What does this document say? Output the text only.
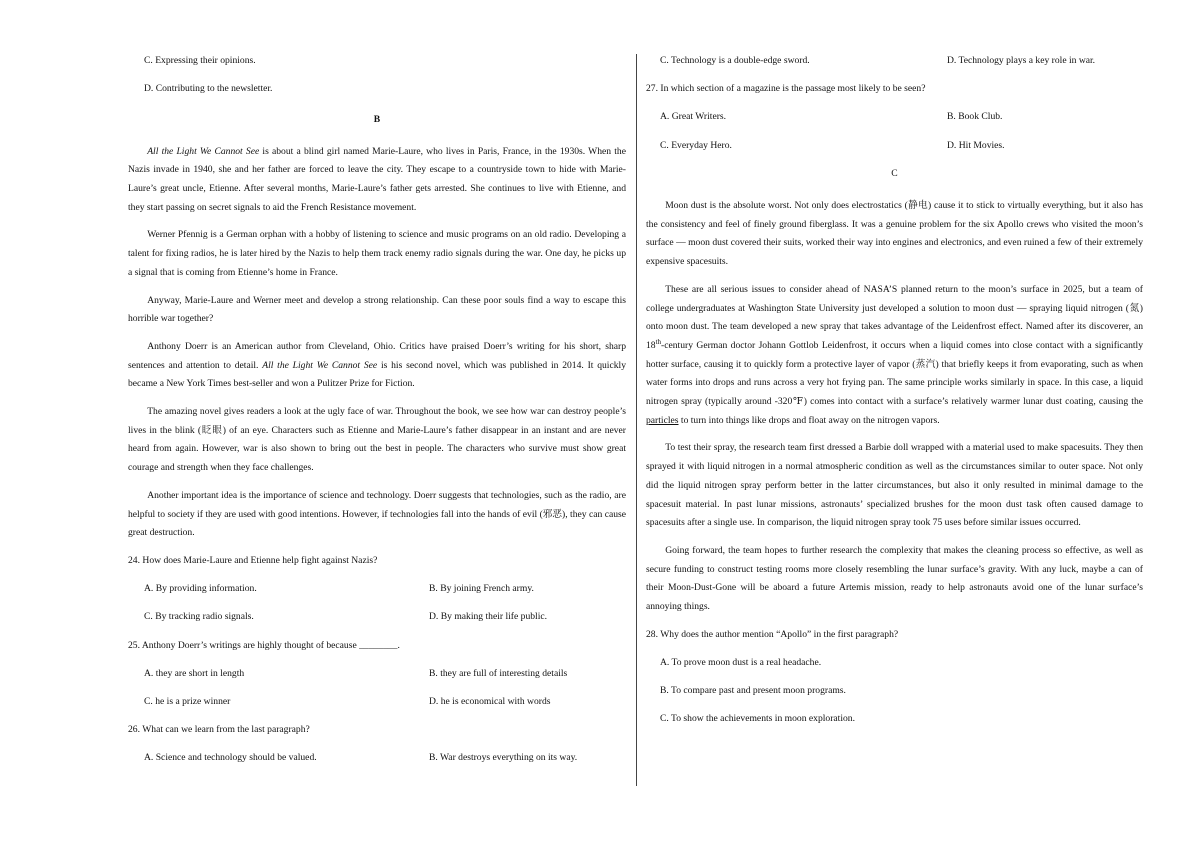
C. Expressing their opinions.
D. Contributing to the newsletter.
B
All the Light We Cannot See is about a blind girl named Marie-Laure, who lives in Paris, France, in the 1930s. When the Nazis invade in 1940, she and her father are forced to leave the city. They escape to a countryside town to hide with Marie-Laure’s great uncle, Etienne. After several months, Marie-Laure’s father gets arrested. She continues to live with Etienne, and they start passing on secret signals to aid the French Resistance movement.
Werner Pfennig is a German orphan with a hobby of listening to science and music programs on an old radio. Developing a talent for fixing radios, he is later hired by the Nazis to help them track enemy radio signals during the war. One day, he picks up a signal that is coming from Etienne’s home in France.
Anyway, Marie-Laure and Werner meet and develop a strong relationship. Can these poor souls find a way to escape this horrible war together?
Anthony Doerr is an American author from Cleveland, Ohio. Critics have praised Doerr’s writing for his short, sharp sentences and attention to detail. All the Light We Cannot See is his second novel, which was published in 2014. It quickly became a New York Times best-seller and won a Pulitzer Prize for Fiction.
The amazing novel gives readers a look at the ugly face of war. Throughout the book, we see how war can destroy people’s lives in the blink (眨眼) of an eye. Characters such as Etienne and Marie-Laure’s father disappear in an instant and are never heard from again. However, war is also shown to bring out the best in people. The characters who survive must show great courage and strength when they face challenges.
Another important idea is the importance of science and technology. Doerr suggests that technologies, such as the radio, are helpful to society if they are used with good intentions. However, if technologies fall into the hands of evil (邪恶), they can cause great destruction.
24. How does Marie-Laure and Etienne help fight against Nazis?
A. By providing information.	B. By joining French army.
C. By tracking radio signals.	D. By making their life public.
25. Anthony Doerr’s writings are highly thought of because ________.
A. they are short in length	B. they are full of interesting details
C. he is a prize winner	D. he is economical with words
26. What can we learn from the last paragraph?
A. Science and technology should be valued.	B. War destroys everything on its way.
C. Technology is a double-edge sword.	D. Technology plays a key role in war.
27. In which section of a magazine is the passage most likely to be seen?
A. Great Writers.	B. Book Club.
C. Everyday Hero.	D. Hit Movies.
C
Moon dust is the absolute worst. Not only does electrostatics (静电) cause it to stick to virtually everything, but it also has the consistency and feel of finely ground fiberglass. It was a genuine problem for the six Apollo crews who visited the moon’s surface — moon dust covered their suits, worked their way into engines and electronics, and even ruined a few of their extremely expensive spacesuits.
These are all serious issues to consider ahead of NASA’S planned return to the moon’s surface in 2025, but a team of college undergraduates at Washington State University just developed a solution to moon dust — spraying liquid nitrogen (氮) onto moon dust. The team developed a new spray that takes advantage of the Leidenfrost effect. Named after its discoverer, an 18th-century German doctor Johann Gottlob Leidenfrost, it occurs when a liquid comes into close contact with a significantly hotter surface, causing it to quickly form a protective layer of vapor (蒸汽) that briefly keeps it from evaporating, such as when water forms into drops and runs across a very hot frying pan. The same principle works similarly in space. In this case, a liquid nitrogen spray (typically around -320℉) comes into contact with a surface’s relatively warmer lunar dust coating, causing the particles to turn into things like drops and float away on the nitrogen vapors.
To test their spray, the research team first dressed a Barbie doll wrapped with a material used to make spacesuits. They then sprayed it with liquid nitrogen in a normal atmospheric condition as well as the circumstances similar to outer space. Not only did the liquid nitrogen spray perform better in the latter circumstances, but also it only resulted in minimal damage to the spacesuit material. In past lunar missions, astronauts’ specialized brushes for the moon dust task often caused damage to spacesuits after a single use. In comparison, the liquid nitrogen spray took 75 uses before similar issues occurred.
Going forward, the team hopes to further research the complexity that makes the cleaning process so effective, as well as secure funding to construct testing rooms more closely resembling the lunar surface’s gravity. With any luck, maybe a can of their Moon-Dust-Gone will be aboard a future Artemis mission, ready to help astronauts avoid one of the lunar surface’s annoying things.
28. Why does the author mention “Apollo” in the first paragraph?
A. To prove moon dust is a real headache.
B. To compare past and present moon programs.
C. To show the achievements in moon exploration.
